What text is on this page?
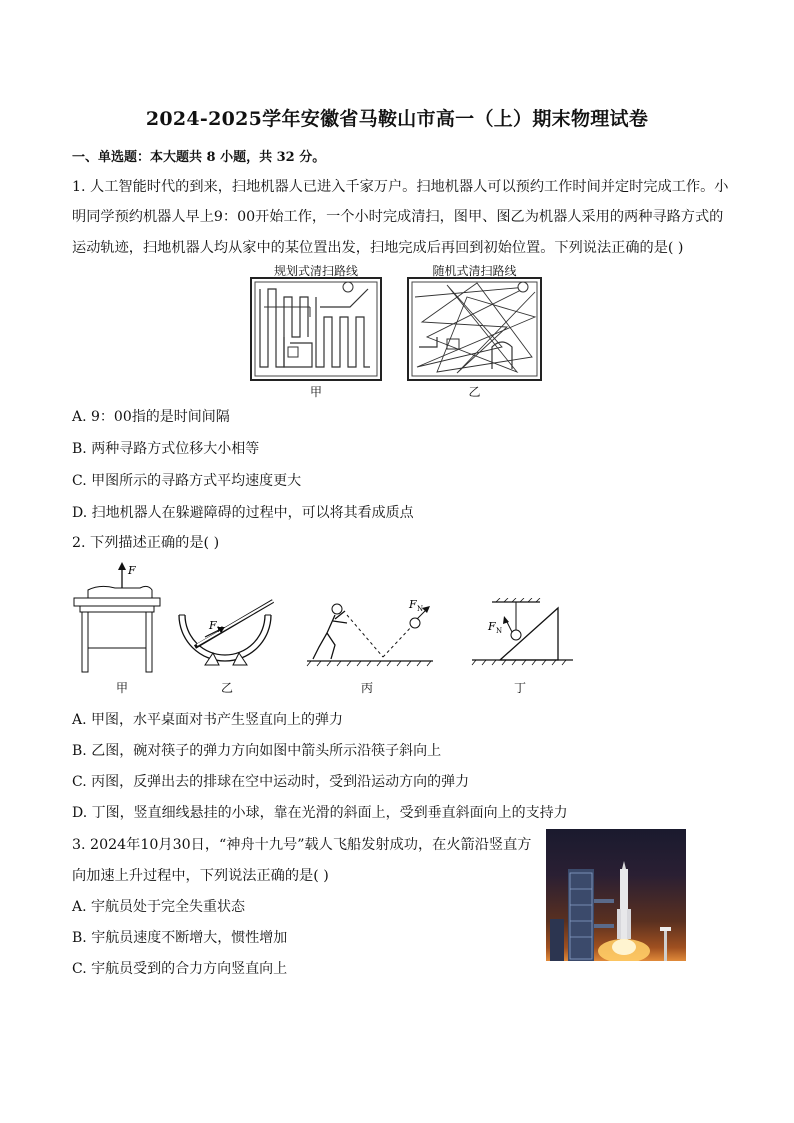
2024-2025学年安徽省马鞍山市高一（上）期末物理试卷
一、单选题：本大题共 8 小题，共 32 分。
1. 人工智能时代的到来，扫地机器人已进入千家万户。扫地机器人可以预约工作时间并定时完成工作。小
明同学预约机器人早上9：00开始工作，一个小时完成清扫，图甲、图乙为机器人采用的两种寻路方式的
运动轨迹，扫地机器人均从家中的某位置出发，扫地完成后再回到初始位置。下列说法正确的是( )
规划式清扫路线	随机式清扫路线
甲	乙
A. 9：00指的是时间间隔
B. 两种寻路方式位移大小相等
C. 甲图所示的寻路方式平均速度更大
D. 扫地机器人在躲避障碍的过程中，可以将其看成质点
2. 下列描述正确的是( )
F
F N
F N
F N
甲	乙	丙	丁
A. 甲图，水平桌面对书产生竖直向上的弹力
B. 乙图，碗对筷子的弹力方向如图中箭头所示沿筷子斜向上
C. 丙图，反弹出去的排球在空中运动时，受到沿运动方向的弹力
D. 丁图，竖直细线悬挂的小球，靠在光滑的斜面上，受到垂直斜面向上的支持力
3. 2024年10月30日，“神舟十九号”载人飞船发射成功，在火箭沿竖直方
向加速上升过程中，下列说法正确的是( )
A. 宇航员处于完全失重状态
B. 宇航员速度不断增大，惯性增加
C. 宇航员受到的合力方向竖直向上
